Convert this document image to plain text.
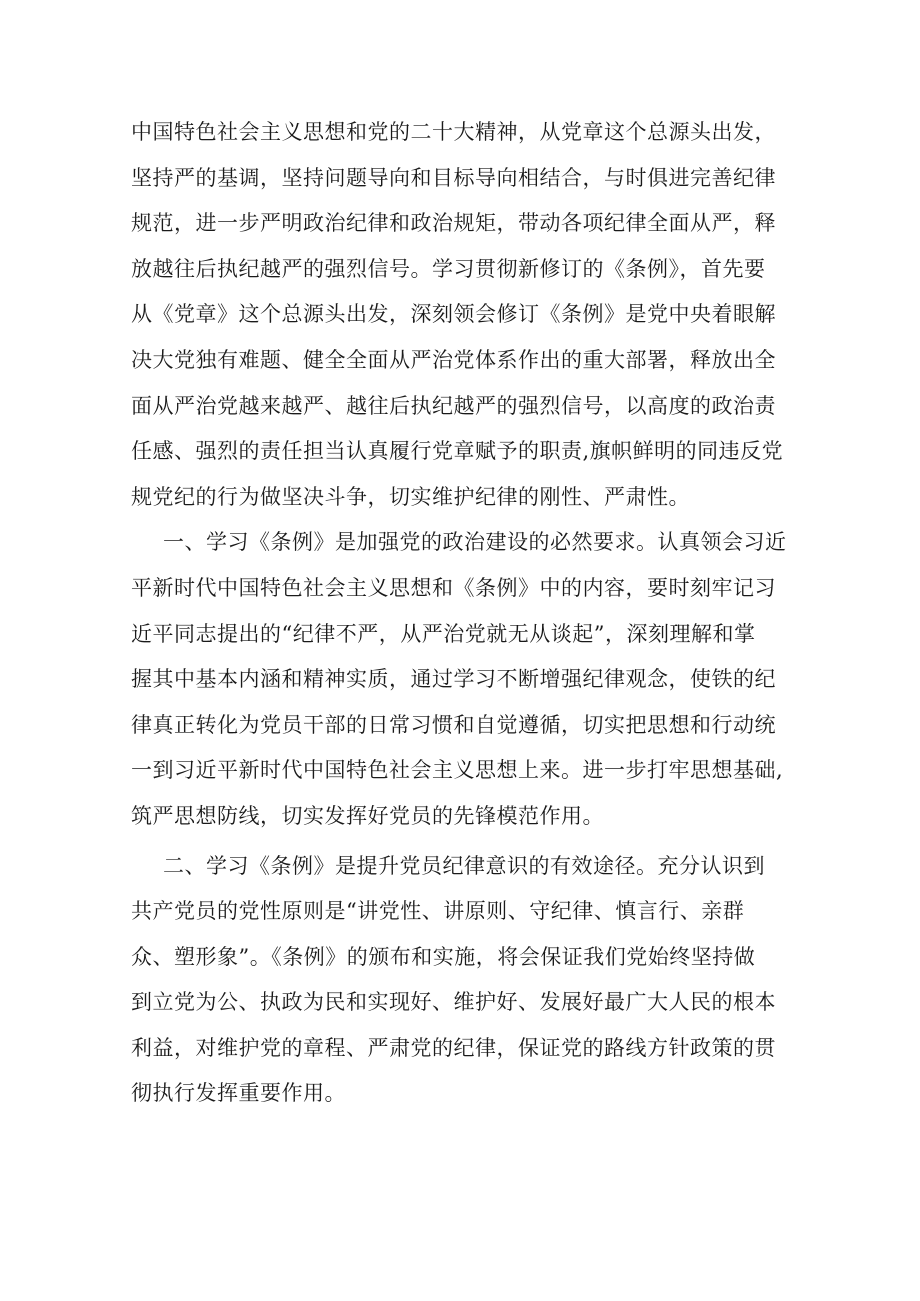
中国特色社会主义思想和党的二十大精神，从党章这个总源头出发，
坚持严的基调，坚持问题导向和目标导向相结合，与时俱进完善纪律
规范，进一步严明政治纪律和政治规矩，带动各项纪律全面从严，释
放越往后执纪越严的强烈信号。学习贯彻新修订的《条例》，首先要
从《党章》这个总源头出发，深刻领会修订《条例》是党中央着眼解
决大党独有难题、健全全面从严治党体系作出的重大部署，释放出全
面从严治党越来越严、越往后执纪越严的强烈信号，以高度的政治责
任感、强烈的责任担当认真履行党章赋予的职责,旗帜鲜明的同违反党
规党纪的行为做坚决斗争，切实维护纪律的刚性、严肃性。
一、学习《条例》是加强党的政治建设的必然要求。认真领会习近
平新时代中国特色社会主义思想和《条例》中的内容，要时刻牢记习
近平同志提出的“纪律不严，从严治党就无从谈起”，深刻理解和掌
握其中基本内涵和精神实质，通过学习不断增强纪律观念，使铁的纪
律真正转化为党员干部的日常习惯和自觉遵循，切实把思想和行动统
一到习近平新时代中国特色社会主义思想上来。进一步打牢思想基础,
筑严思想防线，切实发挥好党员的先锋模范作用。
二、学习《条例》是提升党员纪律意识的有效途径。充分认识到
共产党员的党性原则是“讲党性、讲原则、守纪律、慎言行、亲群
众、塑形象”。《条例》的颁布和实施，将会保证我们党始终坚持做
到立党为公、执政为民和实现好、维护好、发展好最广大人民的根本
利益，对维护党的章程、严肃党的纪律，保证党的路线方针政策的贯
彻执行发挥重要作用。
